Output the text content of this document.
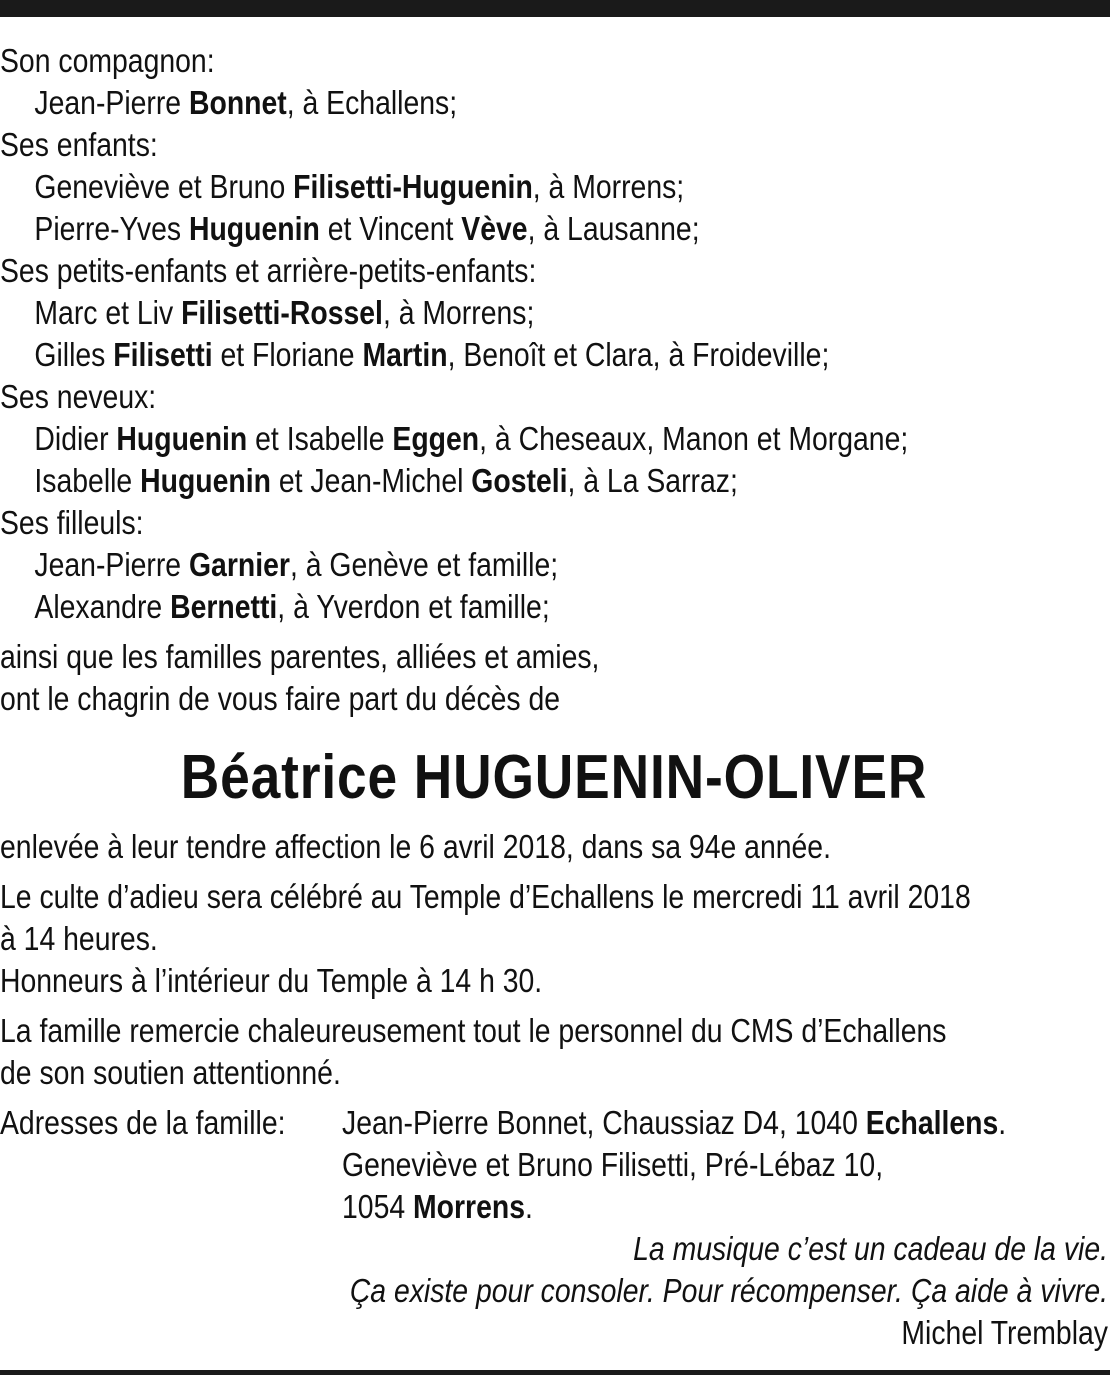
Son compagnon:
Jean-Pierre Bonnet, à Echallens;
Ses enfants:
Geneviève et Bruno Filisetti-Huguenin, à Morrens;
Pierre-Yves Huguenin et Vincent Vève, à Lausanne;
Ses petits-enfants et arrière-petits-enfants:
Marc et Liv Filisetti-Rossel, à Morrens;
Gilles Filisetti et Floriane Martin, Benoît et Clara, à Froideville;
Ses neveux:
Didier Huguenin et Isabelle Eggen, à Cheseaux, Manon et Morgane;
Isabelle Huguenin et Jean-Michel Gosteli, à La Sarraz;
Ses filleuls:
Jean-Pierre Garnier, à Genève et famille;
Alexandre Bernetti, à Yverdon et famille;
ainsi que les familles parentes, alliées et amies,
ont le chagrin de vous faire part du décès de
Béatrice HUGUENIN-OLIVER
enlevée à leur tendre affection le 6 avril 2018, dans sa 94e année.
Le culte d’adieu sera célébré au Temple d’Echallens le mercredi 11 avril 2018
à 14 heures.
Honneurs à l’intérieur du Temple à 14 h 30.
La famille remercie chaleureusement tout le personnel du CMS d’Echallens
de son soutien attentionné.
Adresses de la famille: Jean-Pierre Bonnet, Chaussiaz D4, 1040 Echallens.
Geneviève et Bruno Filisetti, Pré-Lébaz 10,
1054 Morrens.
La musique c’est un cadeau de la vie.
Ça existe pour consoler. Pour récompenser. Ça aide à vivre.
Michel Tremblay
